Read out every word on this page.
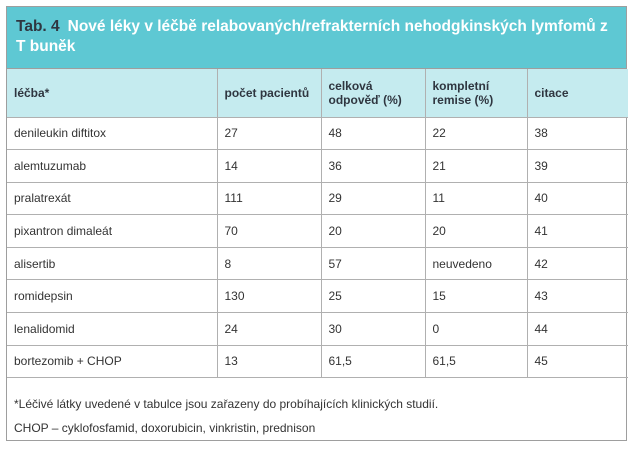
Tab. 4 Nové léky v léčbě relabovaných/refrakterních nehodgkinských lymfomů z T buněk
léčba*	počet pacientů	celková odpověď (%)	kompletní remise (%)	citace
denileukin diftitox	27	48	22	38
alemtuzumab	14	36	21	39
pralatrexát	111	29	11	40
pixantron dimaleát	70	20	20	41
alisertib	8	57	neuvedeno	42
romidepsin	130	25	15	43
lenalidomid	24	30	0	44
bortezomib + CHOP	13	61,5	61,5	45
*Léčivé látky uvedené v tabulce jsou zařazeny do probíhajících klinických studií.
CHOP – cyklofosfamid, doxorubicin, vinkristin, prednison
